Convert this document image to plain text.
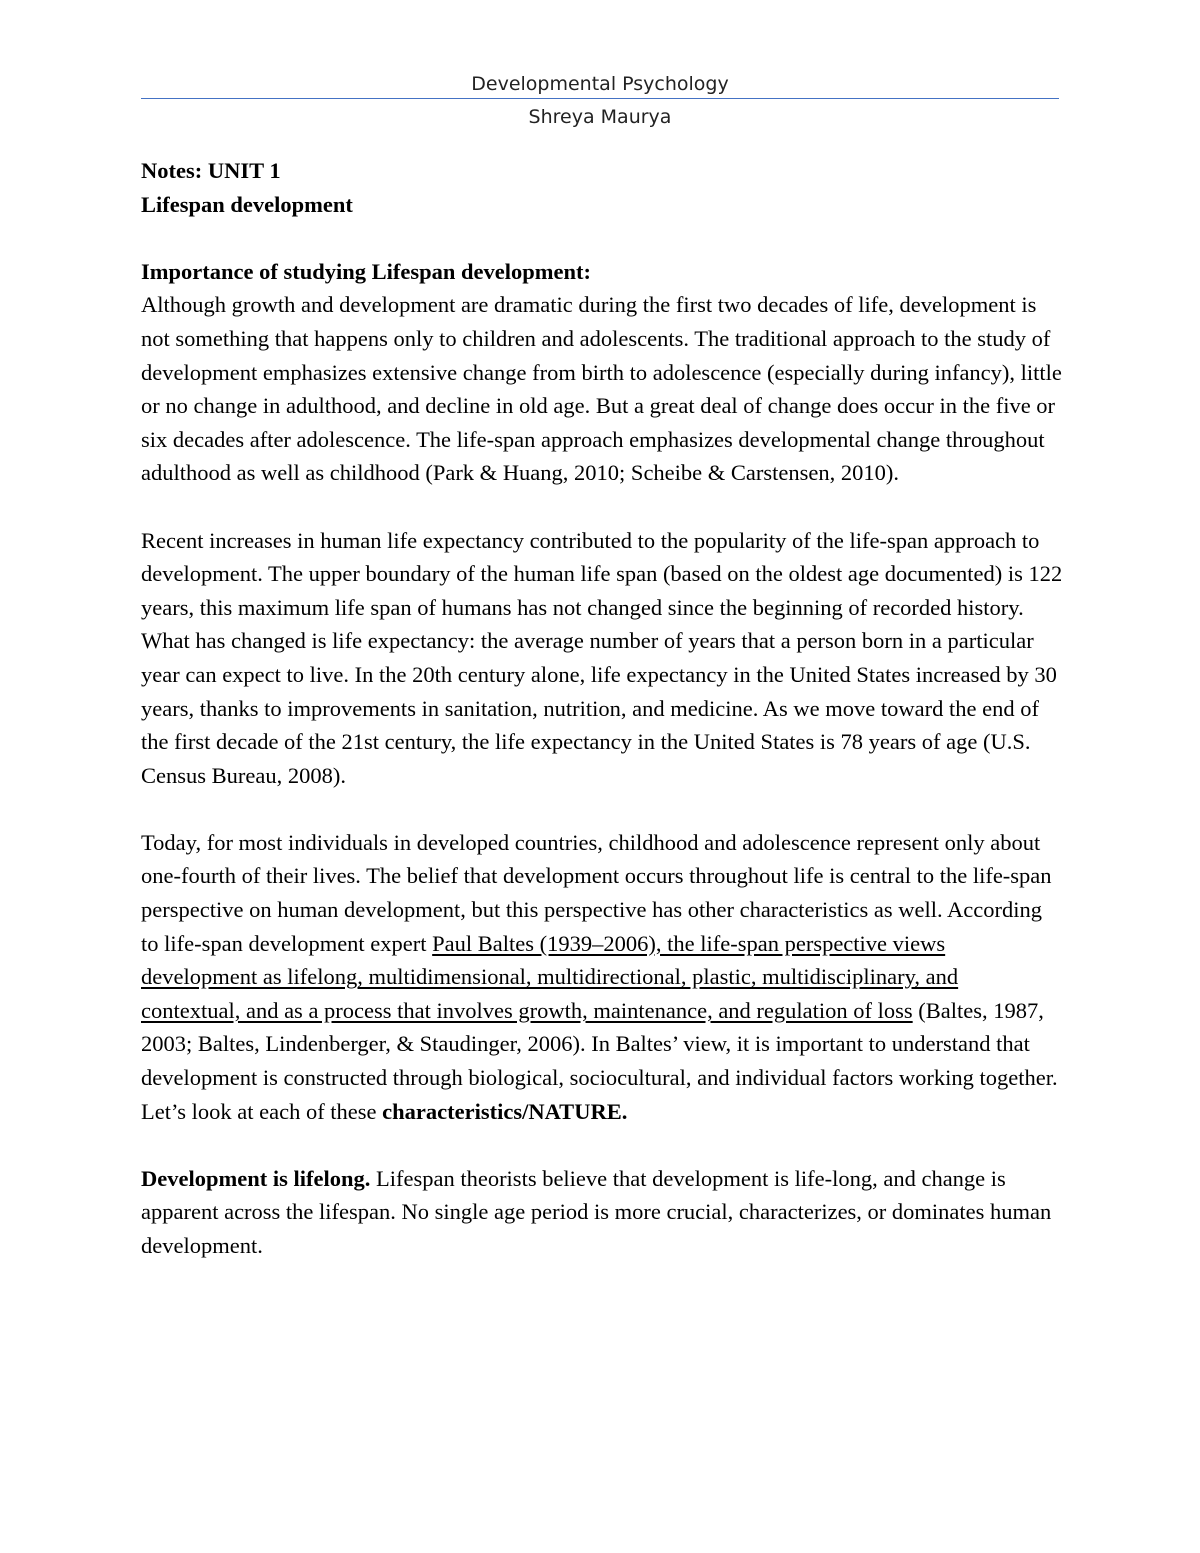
Developmental Psychology
Shreya Maurya

Notes: UNIT 1

Lifespan development

Importance of studying Lifespan development:

Although growth and development are dramatic during the first two decades of life, development is not something that happens only to children and adolescents. The traditional approach to the study of development emphasizes extensive change from birth to adolescence (especially during infancy), little or no change in adulthood, and decline in old age. But a great deal of change does occur in the five or six decades after adolescence. The life-span approach emphasizes developmental change throughout adulthood as well as childhood (Park & Huang, 2010; Scheibe & Carstensen, 2010).

Recent increases in human life expectancy contributed to the popularity of the life-span approach to development. The upper boundary of the human life span (based on the oldest age documented) is 122 years, this maximum life span of humans has not changed since the beginning of recorded history. What has changed is life expectancy: the average number of years that a person born in a particular year can expect to live. In the 20th century alone, life expectancy in the United States increased by 30 years, thanks to improvements in sanitation, nutrition, and medicine. As we move toward the end of the first decade of the 21st century, the life expectancy in the United States is 78 years of age (U.S. Census Bureau, 2008).

Today, for most individuals in developed countries, childhood and adolescence represent only about one-fourth of their lives. The belief that development occurs throughout life is central to the life-span perspective on human development, but this perspective has other characteristics as well. According to life-span development expert Paul Baltes (1939–2006), the life-span perspective views development as lifelong, multidimensional, multidirectional, plastic, multidisciplinary, and contextual, and as a process that involves growth, maintenance, and regulation of loss (Baltes, 1987, 2003; Baltes, Lindenberger, & Staudinger, 2006). In Baltes’ view, it is important to understand that development is constructed through biological, sociocultural, and individual factors working together. Let’s look at each of these characteristics/NATURE.

Development is lifelong. Lifespan theorists believe that development is life-long, and change is apparent across the lifespan. No single age period is more crucial, characterizes, or dominates human development.
